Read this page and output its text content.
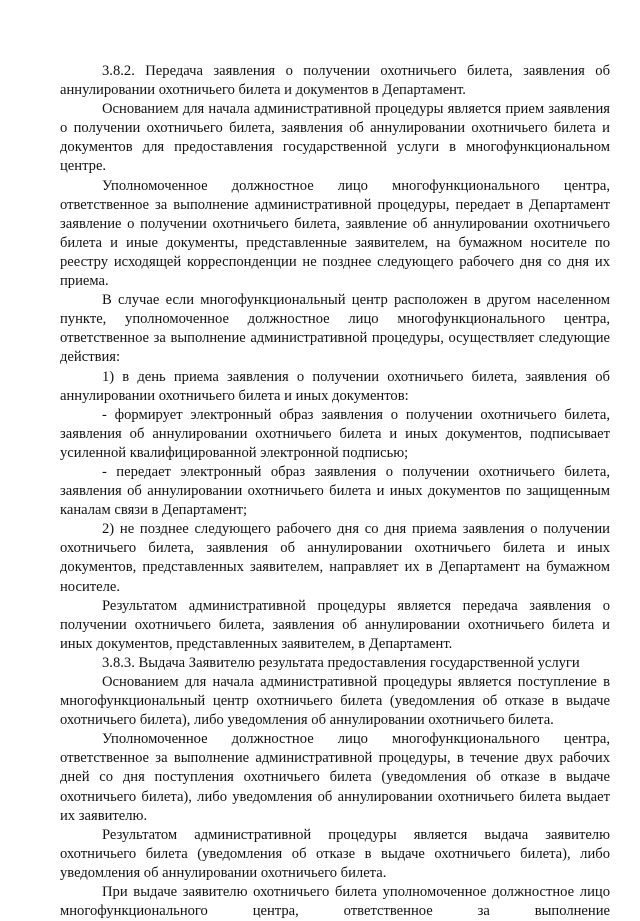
3.8.2. Передача заявления о получении охотничьего билета, заявления об аннулировании охотничьего билета и документов в Департамент.

Основанием для начала административной процедуры является прием заявления о получении охотничьего билета, заявления об аннулировании охотничьего билета и документов для предоставления государственной услуги в многофункциональном центре.

Уполномоченное должностное лицо многофункционального центра, ответственное за выполнение административной процедуры, передает в Департамент заявление о получении охотничьего билета, заявление об аннулировании охотничьего билета и иные документы, представленные заявителем, на бумажном носителе по реестру исходящей корреспонденции не позднее следующего рабочего дня со дня их приема.

В случае если многофункциональный центр расположен в другом населенном пункте, уполномоченное должностное лицо многофункционального центра, ответственное за выполнение административной процедуры, осуществляет следующие действия:

1) в день приема заявления о получении охотничьего билета, заявления об аннулировании охотничьего билета и иных документов:

- формирует электронный образ заявления о получении охотничьего билета, заявления об аннулировании охотничьего билета и иных документов, подписывает усиленной квалифицированной электронной подписью;

- передает электронный образ заявления о получении охотничьего билета, заявления об аннулировании охотничьего билета и иных документов по защищенным каналам связи в Департамент;

2) не позднее следующего рабочего дня со дня приема заявления о получении охотничьего билета, заявления об аннулировании охотничьего билета и иных документов, представленных заявителем, направляет их в Департамент на бумажном носителе.

Результатом административной процедуры является передача заявления о получении охотничьего билета, заявления об аннулировании охотничьего билета и иных документов, представленных заявителем, в Департамент.

3.8.3. Выдача Заявителю результата предоставления государственной услуги

Основанием для начала административной процедуры является поступление в многофункциональный центр охотничьего билета (уведомления об отказе в выдаче охотничьего билета), либо уведомления об аннулировании охотничьего билета.

Уполномоченное должностное лицо многофункционального центра, ответственное за выполнение административной процедуры, в течение двух рабочих дней со дня поступления охотничьего билета (уведомления об отказе в выдаче охотничьего билета), либо уведомления об аннулировании охотничьего билета выдает их заявителю.

Результатом административной процедуры является выдача заявителю охотничьего билета (уведомления об отказе в выдаче охотничьего билета), либо уведомления об аннулировании охотничьего билета.

При выдаче заявителю охотничьего билета уполномоченное должностное лицо многофункционального центра, ответственное за выполнение
